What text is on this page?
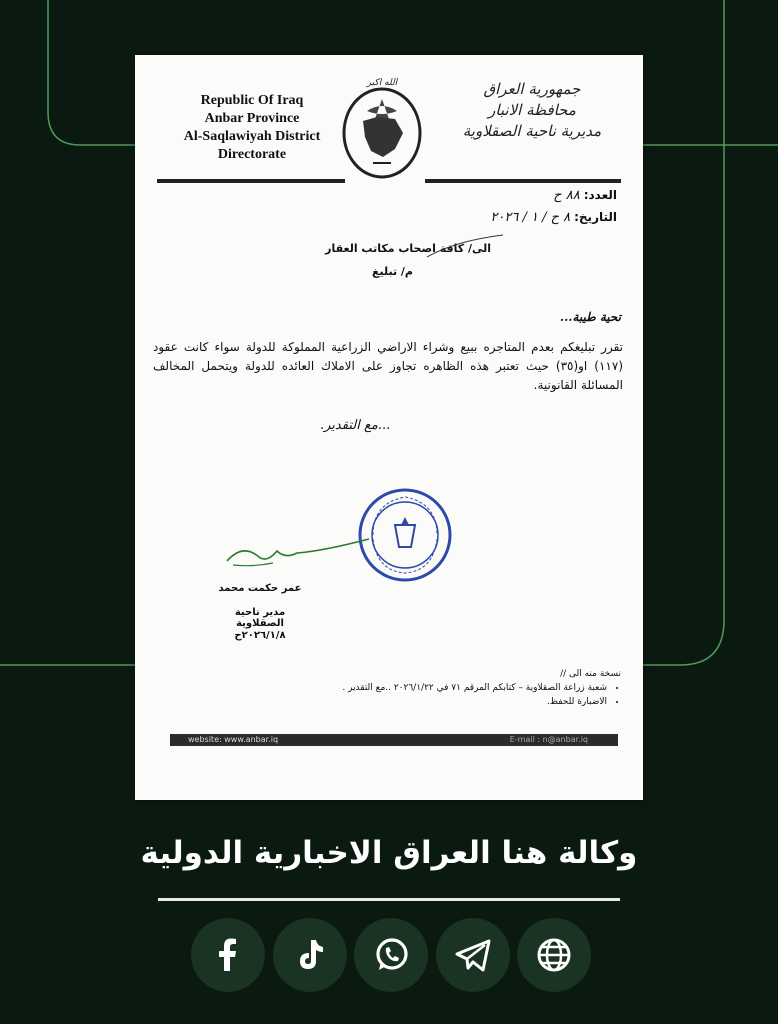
Republic Of Iraq
Anbar Province
Al-Saqlawiyah District
Directorate
الله اكبر	جمهورية العراق
محافظة الانبار
مديرية ناحية الصقلاوية
العدد:٨٨ ح
التاريخ:٨ ح / ١ / ٢٠٢٦
الى/ كافة اصحاب مكاتب العقار
م/ تبليغ
تحية طيبة...
تقرر تبليغكم بعدم المتاجره ببيع وشراء الاراضي الزراعية المملوكة للدولة سواء كانت عقود (١١٧) او(٣٥) حيث تعتبر هذه الظاهره تجاوز على الاملاك العائده للدولة ويتحمل المخالف المسائلة القانونية.
...مع التقدير.
عمر حكمت محمد
مدير ناحية الصقلاوية
٢٠٢٦/١/٨ح
نسخة منه الى //
• شعبة زراعة الصقلاوية – كتابكم المرقم ٧١ في ٢٠٢٦/١/٢٢ ..مع التقدير .
• الاضبارة للحفظ.
website: www.anbar.iq	E-mail : n@anbar.iq
وكالة هنا العراق الاخبارية الدولية
